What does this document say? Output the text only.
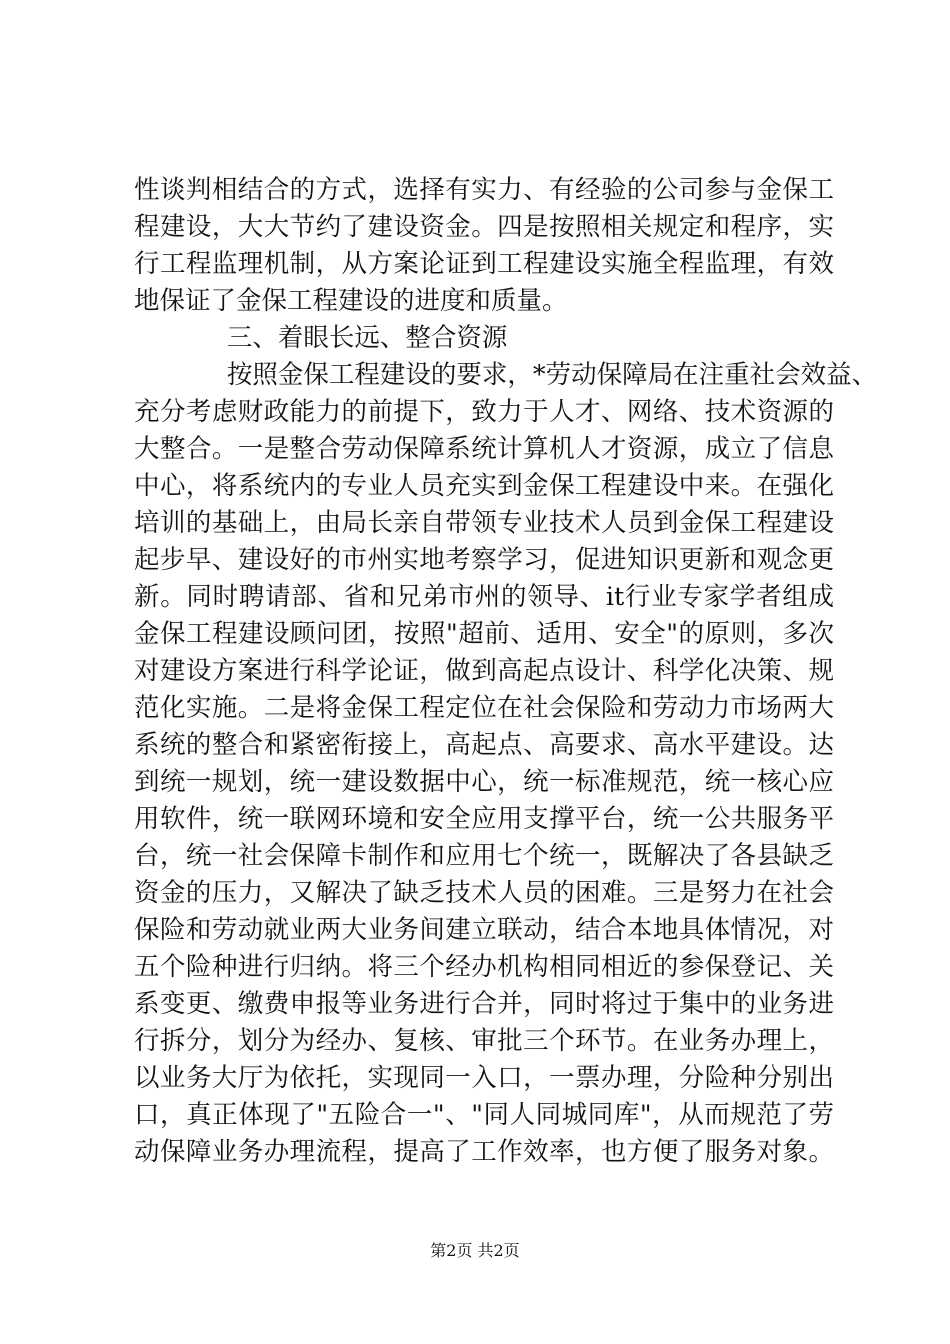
性谈判相结合的方式，选择有实力、有经验的公司参与金保工
程建设，大大节约了建设资金。四是按照相关规定和程序，实
行工程监理机制，从方案论证到工程建设实施全程监理，有效
地保证了金保工程建设的进度和质量。
三、着眼长远、整合资源
按照金保工程建设的要求，*劳动保障局在注重社会效益、
充分考虑财政能力的前提下，致力于人才、网络、技术资源的
大整合。一是整合劳动保障系统计算机人才资源，成立了信息
中心，将系统内的专业人员充实到金保工程建设中来。在强化
培训的基础上，由局长亲自带领专业技术人员到金保工程建设
起步早、建设好的市州实地考察学习，促进知识更新和观念更
新。同时聘请部、省和兄弟市州的领导、it行业专家学者组成
金保工程建设顾问团，按照"超前、适用、安全"的原则，多次
对建设方案进行科学论证，做到高起点设计、科学化决策、规
范化实施。二是将金保工程定位在社会保险和劳动力市场两大
系统的整合和紧密衔接上，高起点、高要求、高水平建设。达
到统一规划，统一建设数据中心，统一标准规范，统一核心应
用软件，统一联网环境和安全应用支撑平台，统一公共服务平
台，统一社会保障卡制作和应用七个统一，既解决了各县缺乏
资金的压力，又解决了缺乏技术人员的困难。三是努力在社会
保险和劳动就业两大业务间建立联动，结合本地具体情况，对
五个险种进行归纳。将三个经办机构相同相近的参保登记、关
系变更、缴费申报等业务进行合并，同时将过于集中的业务进
行拆分，划分为经办、复核、审批三个环节。在业务办理上，
以业务大厅为依托，实现同一入口，一票办理，分险种分别出
口，真正体现了"五险合一"、"同人同城同库"，从而规范了劳
动保障业务办理流程，提高了工作效率，也方便了服务对象。
第2页 共2页
